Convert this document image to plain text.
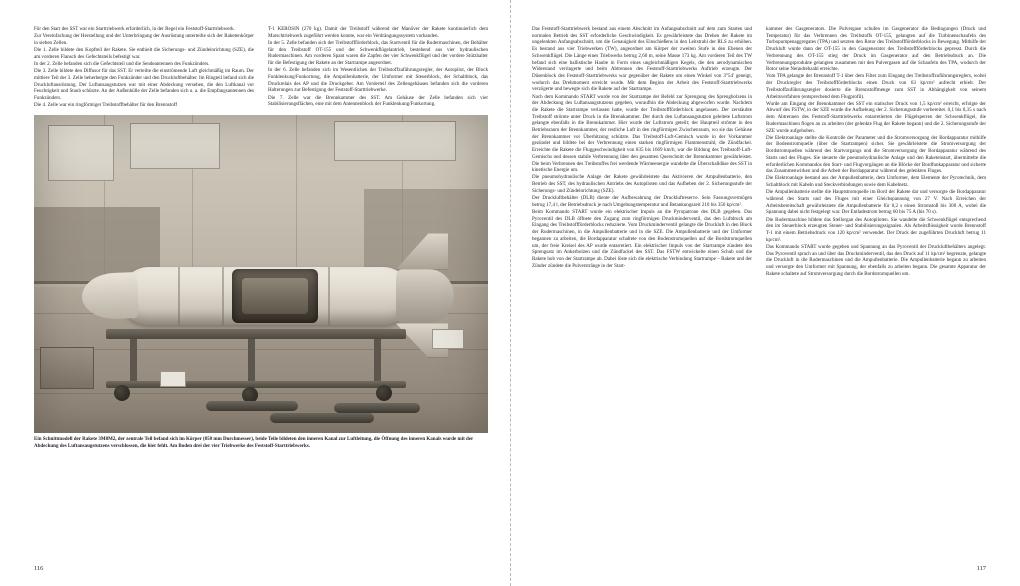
Für den Start des SST war ein Starttriebwerk erforderlich, in der Regel ein Feststoff-Starttriebwerk.

Zur Vereinfachung der Herstellung und der Unterbringung der Ausrüstung unterteilte sich der Raketenkörper in sieben Zellen.

Die 1. Zelle bildete den Kopfteil der Rakete. Sie enthielt die Sicherungs- und Zündeinrichtung (SZE), die am vorderen Flansch des Gefechtsteils befestigt war.

In der 2. Zelle befanden sich die Gefechtsteil und die Sendeantennen des Funkzünders.

Die 3. Zelle bildete den Diffusor für das SST. Er verteilte die einströmende Luft gleichmäßig im Raum. Der mittlere Teil der 3. Zelle beherbergte den Funkzünder und den Druckluftbehälter. Im Ringteil befand sich die Druckluftausrüstung. Der Luftansaugstutzen war mit einer Abdeckung versehen, die den Luftkanal vor Feuchtigkeit und Staub schützte. An der Außenhülle der Zelle befanden sich u. a. die Empfangsantennen des Funkzünders.

Die 4. Zelle war ein ringförmiger Treibstoffbehälter für den Brennstoff

T-1 KEROSIN (270 kg). Damit der Treibstoff während der Manöver der Rakete kontinuierlich dem Marschtriebwerk zugeführt werden konnte, war ein Verdrängungssystem vorhanden.

In der 5. Zelle befanden sich der Treibstoffförderblock, das Startventil für die Rudermaschinen, der Behälter für den Treibstoff OT-155 und der Schwenkflügelantrieb, bestehend aus vier hydraulischen Rudermaschinen. Am vorderen Spant waren die Zapfen der vier Schwenkflügel und der vordere Stützhalter für die Befestigung der Rakete an der Startrampe angeordnet.

In der 6. Zelle befanden sich im Wesentlichen der Treibstoffzuführungsregler, der Autopilot, der Block Funklenkung/Funkortung, die Ampullenbatterie, der Umformer mit Steuerblock, der Schaltblock, das Druckrelais des AP und die Druckgeber. Am Vorderteil des Zellengehäuses befanden sich die vorderen Halterungen zur Befestigung der Feststoff-Starttriebwerke.

Die 7. Zelle war die Brennkammer des SST. Am Gehäuse der Zelle befanden sich vier Stabilisierungsflächen, eine mit dem Antennenblock der Funklenkung/Funkortung.

Ein Schnittmodell der Rakete 3M8M2, der zentrale Teil befand sich im Körper (850 mm Durchmesser), beide Teile bildeten den inneren Kanal zur Luftleitung, die Öffnung des inneren Kanals wurde mit der Abdeckung des Luftansaugstutzens verschlossen, die hier fehlt. Am Boden drei der vier Triebwerke des Feststoff-Starttriebwerks.
116

Das Feststoff-Starttriebwerk bestand aus einem Abschnitt im Anfangsabschnitt auf dem zum Starten und normalen Betrieb des SST erforderliche Geschwindigkeit. Es gewährleistete das Drehen der Rakete im ungelenkten Anfangsabschnitt, um die Genauigkeit des Einschießens in den Leitstrahl der RLS zu erhöhen. Es bestand aus vier Triebwerken (TW), angeordnet am Körper der zweiten Stufe in den Ebenen der Schwenkflügel. Die Länge eines Triebwerks betrug 2,60 m, seine Masse 173 kg. Am vorderen Teil des TW befand sich eine ballistische Haube in Form eines ungleichmäßigen Kegels, die den aerodynamischen Widerstand verringerte und beim Abtrennen des Feststoff-Starttriebwerks Auftrieb erzeugte. Der Düsenblock des Feststoff-Starttriebwerks war gegenüber der Rakete um einen Winkel von 3°54' geneigt, wodurch das Drehmoment erreicht wurde. Mit dem Beginn der Arbeit des Feststoff-Starttriebwerks verzögerte und bewegte sich die Rakete auf der Startrampe.

Nach dem Kommando START wurde von der Startrampe der Befehl zur Sprengung des Sprengbolzens in der Abdeckung des Luftansaugstutzens gegeben, woraufhin die Abdeckung abgeworfen wurde. Nachdem die Rakete die Startrampe verlassen hatte, wurde der Treibstoffförderblock angelassen. Der zerstäubte Treibstoff strömte unter Druck in die Brennkammer. Der durch den Luftansaugstutzen geleitete Luftstrom gelangte ebenfalls in die Brennkammer. Hier wurde der Luftstrom geteilt; der Hauptteil strömte in den Betriebsraum der Brennkammer, der restliche Luft in den ringförmigen Zwischenraum, wo sie das Gehäuse der Brennkammer vor Überhitzung schützte. Das Treibstoff-Luft-Gemisch wurde in der Vorkammer gezündet und bildete bei der Verbrennung einen starken ringförmigen Flammenstrahl, die Zündfackel. Erreichte die Rakete die Fluggeschwindigkeit von 835 bis 1669 km/h, war die Bildung des Treibstoff-Luft-Gemischs und dessen stabile Verbrennung über den gesamten Querschnitt der Brennkammer gewährleistet. Die beim Verbrennen des Treibstoffes frei werdende Wärmeenergie wandelte die Überschalldüse des SST in kinetische Energie um.

Die pneumohydraulische Anlage der Rakete gewährleistete das Aktivieren der Ampullenbatterie, den Betrieb des SST, des hydraulischen Antriebs des Autopiloten und das Aufheben der 2. Sicherungsstufe der Sicherungs- und Zündeinrichtung (SZE).

Der Druckluftbehälter (DLB) diente der Aufbewahrung der Druckluftreserve. Sein Fassungsvermögen betrug 17,4 l, der Betriebsdruck je nach Umgebungstemperatur und Betankungszeit 210 bis 350 kp/cm².

Beim Kommando START wurde ein elektrischer Impuls an die Pyropatrone des DLB gegeben. Das Pyroventil des DLB öffnete den Zugang zum ringförmigen Druckminderventil, das den Luftdruck am Eingang des Treibstoffförderblocks reduzierte. Vom Druckminderventil gelangte die Druckluft in den Block der Rudermaschinen, in die Ampullenbatterie und in die SZE. Die Ampullenbatterie und der Umformer begannen zu arbeiten, die Bordapparatur schaltete von den Bodenstromquellen auf die Bordstromquellen um, der freie Kreisel des AP wurde entarretiert. Ein elektrischer Impuls von der Startrampe zündete den Sprengsatz im Ankerbolzen und die Zündfackel des SST. Das FSTW entwickelte einen Schub und die Rakete hob von der Startrampe ab. Dabei löste sich die elektrische Verbindung Startrampe – Rakete und der Zünder zündete die Pulverstränge in der Start-

kammer des Gasgenerators. Die Pulvergase schufen im Gasgenerator die Bedingungen (Druck und Temperatur) für das Verbrennen des Treibstoffs OT-155, gelangten auf die Turbinenschaufeln des Turbopumpenaggregates (TPA) und setzten den Rotor des Treibstoffförderblocks in Bewegung. Mithilfe der Druckluft wurde dann der OT-155 in den Gasgenerator des Treibstoffförderblocks gepresst. Durch die Verbrennung des OT-155 stieg der Druck im Gasgenerator auf den Betriebsdruck an. Die Verbrennungsprodukte gelangten zusammen mit den Pulvergasen auf die Schaufeln des TPA, wodurch der Rotor seine Nenndrehzahl erreichte.

Vom TPA gelangte der Brennstoff T-1 über dem Filter zum Eingang des Treibstoffzuführungsreglers, wobei der Druckregler des Treibstoffförderblocks einen Druck von 63 kp/cm² aufrecht erhielt. Der Treibstoffzuführungsregler dosierte die Brennstoffmenge zum SST in Abhängigkeit von seinem Arbeitsverfahren (entsprechend dem Flugprofil).

Wurde am Eingang der Brennkammer des SST ein statischer Druck von 1,5 kp/cm² erreicht, erfolgte der Abwurf des FSTW, in der SZE wurde die Aufhebung der 2. Sicherungsstufe vorbereitet. 0,1 bis 0,35 s nach dem Abtrennen des Feststoff-Starttriebwerks entarretierten die Flügelsperren der Schwenkflügel, die Rudermaschinen flogen an zu arbeiten (der gelenkte Flug der Rakete begann) und die 2. Sicherungsstufe der SZE wurde aufgehoben.

Die Elektroanlage stellte die Kontrolle der Parameter und die Stromversorgung der Bordapparatur mithilfe der Bodenstromquelle (über die Startrampen) sicher. Sie gewährleistete die Stromversorgung der Bordstromquellen während des Startvorgangs und die Stromversorgung der Bordapparatur während des Starts und des Fluges. Sie steuerte die pneumohydraulische Anlage und den Raketenstart, übermittelte die erforderlichen Kommandos den Start- und Flugvorgängen an die Blöcke der Bordfunkapparatur und sicherte das Zusammenwirken und die Arbeit der Bordapparatur während des gelenkten Fluges.

Die Elektroanlage bestand aus der Ampullenbatterie, dem Umformer, dem Elemente der Pyrotechnik, dem Schaltblock mit Kabeln und Steckverbindungen sowie dem Kabelnetz.

Die Ampullenbatterie stellte die Hauptstromquelle im Bord der Rakete dar und versorgte die Bordapparatur während des Starts und des Fluges mit einer Gleichspannung von 27 V. Nach Erreichen der Arbeitsbereitschaft gewährleistete die Ampullenbatterie für 0,2 s einen Stromstoß bis 300 A, wobei die Spannung dabei nicht festgelegt war. Der Entladestrom betrug 60 bis 75 A (bis 70 s).

Die Rudermaschine bildete das Stellorgan des Autopiloten. Sie wandelte die Schwenkflügel entsprechend den im Steuerblock erzeugten Steuer- und Stabilisierungssignalen. Als Arbeitsflüssigkeit wurde Brennstoff T-1 mit einem Betriebsdruck von 120 kp/cm² verwendet. Der Druck der zugeführten Druckluft betrug 11 kp/cm².

Das Kommando START wurde gegeben und Spannung an das Pyroventil der Druckluftbehälters angelegt. Das Pyroventil sprach an und über das Druckminderventil, das den Druck auf 11 kp/cm² begrenzte, gelangte die Druckluft in die Rudermaschinen und die Ampullenbatterie. Die Ampullenbatterie begann zu arbeiten und versorgte den Umformer mit Spannung, der ebenfalls zu arbeiten begann. Die gesamte Apparatur der Rakete schaltete auf Stromversorgung durch die Bordstromquellen um.

117
